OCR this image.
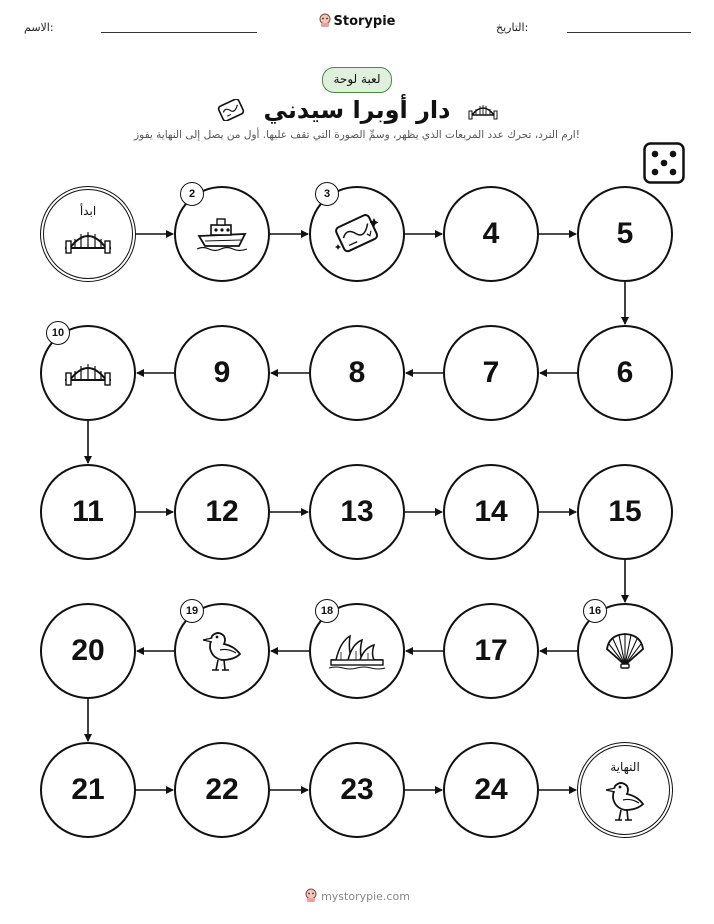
الاسم:	Storypie	التاريخ:
لعبة لوحة
دار أوبرا سيدني
ارم النرد، تحرك عدد المربعات الذي يظهر، وسمِّ الصورة التي تقف عليها. أول من يصل إلى النهاية يفوز!
ابدأ
2	3
4	5
6
7
8
9
10
11	12	13	14	15
16
17
18
19
20
21	22	23	24
النهاية
mystorypie.com
